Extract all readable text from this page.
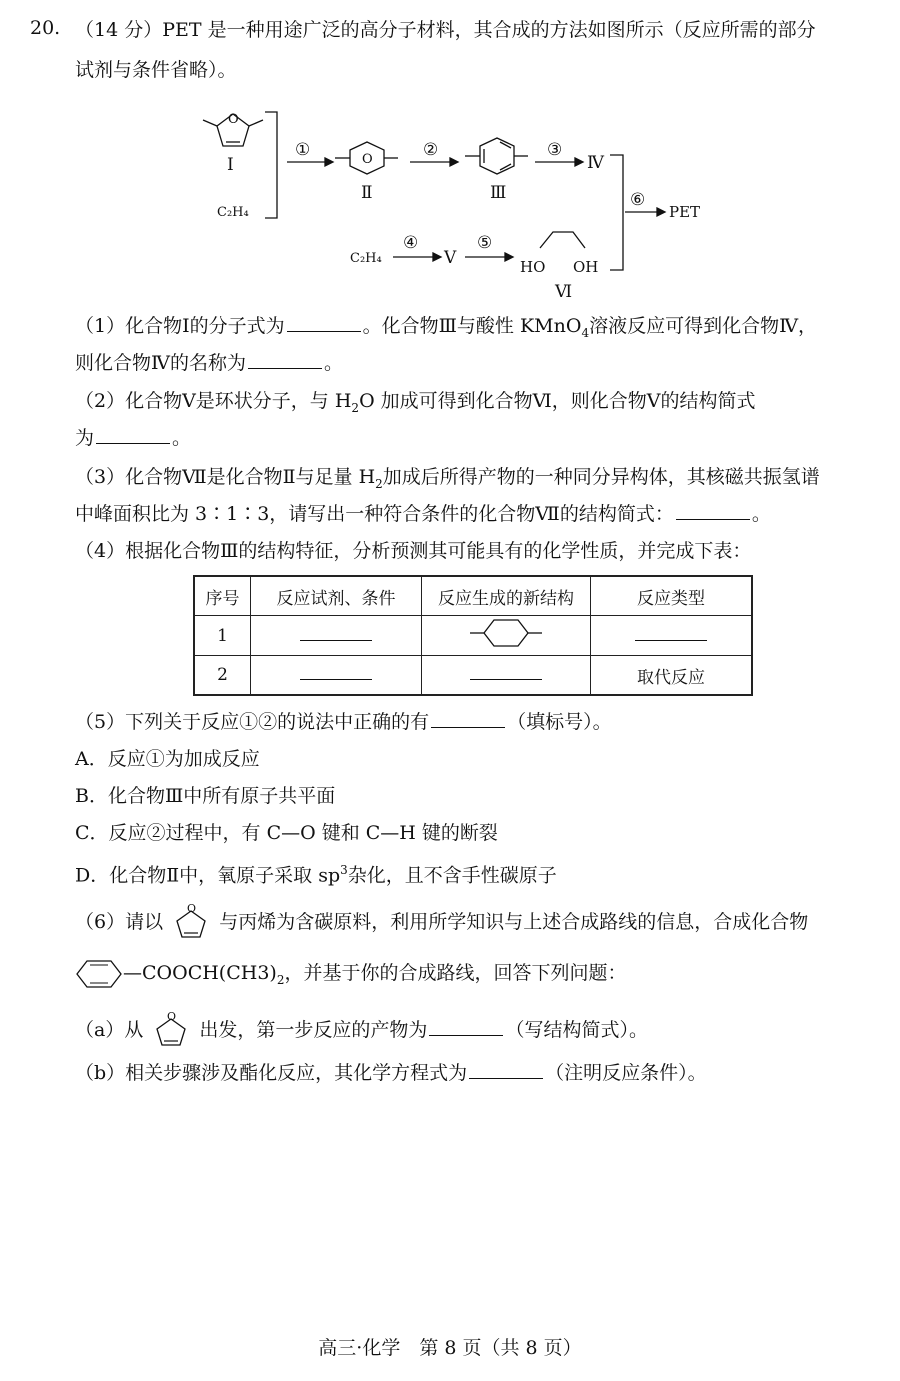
20. （14 分）PET 是一种用途广泛的高分子材料，其合成的方法如图所示（反应所需的部分
试剂与条件省略）。
O
Ⅰ
C₂H₄
①	O
Ⅱ
②
Ⅲ
③
Ⅳ
⑥
PET
C₂H₄
④
Ⅴ
⑤
HO OH
Ⅵ
（1）化合物Ⅰ的分子式为	。化合物Ⅲ与酸性 KMnO$_4$溶液反应可得到化合物Ⅳ，
则化合物Ⅳ的名称为	。
（2）化合物Ⅴ是环状分子，与 $H_2O$ 加成可得到化合物Ⅵ，则化合物Ⅴ的结构简式
为	。
（3）化合物Ⅶ是化合物Ⅱ与足量 $H_2$加成后所得产物的一种同分异构体，其核磁共振氢谱
中峰面积比为 3∶1∶3，请写出一种符合条件的化合物Ⅶ的结构简式：	。
（4）根据化合物Ⅲ的结构特征，分析预测其可能具有的化学性质，并完成下表：
序号	反应试剂、条件	反应生成的新结构	反应类型
1			
2			取代反应
（5）下列关于反应①②的说法中正确的有	（填标号）。
A．反应①为加成反应
B．化合物Ⅲ中所有原子共平面
C．反应②过程中，有 C—O 键和 C—H 键的断裂
D．化合物Ⅱ中，氧原子采取 $sp^3$杂化，且不含手性碳原子
（6）请以
O
与丙烯为含碳原料，利用所学知识与上述合成路线的信息，合成化合物
$—COOCH(CH3)_2$，并基于你的合成路线，回答下列问题：
（a）从
O
出发，第一步反应的产物为	（写结构简式）。
（b）相关步骤涉及酯化反应，其化学方程式为	（注明反应条件）。
高三·化学　第 8 页（共 8 页）
